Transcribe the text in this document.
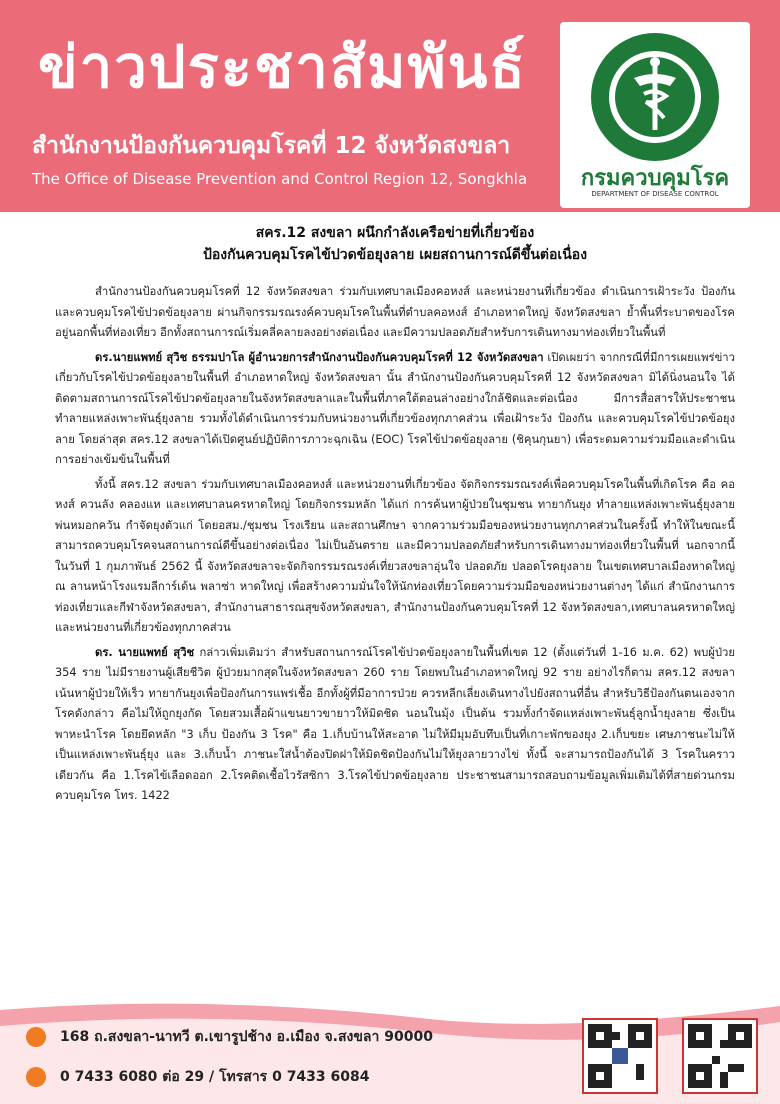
ข่าวประชาสัมพันธ์
สำนักงานป้องกันควบคุมโรคที่ 12 จังหวัดสงขลา
The Office of Disease Prevention and Control Region 12, Songkhla	กรมควบคุมโรค
DEPARTMENT OF DISEASE CONTROL
สคร.12 สงขลา ผนึกกำลังเครือข่ายที่เกี่ยวข้อง
ป้องกันควบคุมโรคไข้ปวดข้อยุงลาย เผยสถานการณ์ดีขึ้นต่อเนื่อง

สำนักงานป้องกันควบคุมโรคที่ 12 จังหวัดสงขลา ร่วมกับเทศบาลเมืองคอหงส์ และหน่วยงานที่เกี่ยวข้อง ดำเนินการเฝ้าระวัง ป้องกัน และควบคุมโรคไข้ปวดข้อยุงลาย ผ่านกิจกรรมรณรงค์ควบคุมโรคในพื้นที่ตำบลคอหงส์ อำเภอหาดใหญ่ จังหวัดสงขลา ย้ำพื้นที่ระบาดของโรคอยู่นอกพื้นที่ท่องเที่ยว อีกทั้งสถานการณ์เริ่มคลี่คลายลงอย่างต่อเนื่อง และมีความปลอดภัยสำหรับการเดินทางมาท่องเที่ยวในพื้นที่

ดร.นายแพทย์ สุวิช ธรรมปาโล ผู้อำนวยการสำนักงานป้องกันควบคุมโรคที่ 12 จังหวัดสงขลา เปิดเผยว่า จากกรณีที่มีการเผยแพร่ข่าวเกี่ยวกับโรคไข้ปวดข้อยุงลายในพื้นที่ อำเภอหาดใหญ่ จังหวัดสงขลา นั้น สำนักงานป้องกันควบคุมโรคที่ 12 จังหวัดสงขลา มิได้นิ่งนอนใจ ได้ติดตามสถานการณ์โรคไข้ปวดข้อยุงลายในจังหวัดสงขลาและในพื้นที่ภาคใต้ตอนล่างอย่างใกล้ชิดและต่อเนื่อง มีการสื่อสารให้ประชาชนทำลายแหล่งเพาะพันธุ์ยุงลาย รวมทั้งได้ดำเนินการร่วมกับหน่วยงานที่เกี่ยวข้องทุกภาคส่วน เพื่อเฝ้าระวัง ป้องกัน และควบคุมโรคไข้ปวดข้อยุงลาย โดยล่าสุด สคร.12 สงขลาได้เปิดศูนย์ปฏิบัติการภาวะฉุกเฉิน (EOC) โรคไข้ปวดข้อยุงลาย (ชิคุนกุนยา) เพื่อระดมความร่วมมือและดำเนินการอย่างเข้มข้นในพื้นที่

ทั้งนี้ สคร.12 สงขลา ร่วมกับเทศบาลเมืองคอหงส์ และหน่วยงานที่เกี่ยวข้อง จัดกิจกรรมรณรงค์เพื่อควบคุมโรคในพื้นที่เกิดโรค คือ คอหงส์ ควนลัง คลองแห และเทศบาลนครหาดใหญ่ โดยกิจกรรมหลัก ได้แก่ การค้นหาผู้ป่วยในชุมชน ทายากันยุง ทำลายแหล่งเพาะพันธุ์ยุงลาย พ่นหมอกควัน กำจัดยุงตัวแก่ โดยอสม./ชุมชน โรงเรียน และสถานศึกษา จากความร่วมมือของหน่วยงานทุกภาคส่วนในครั้งนี้ ทำให้ในขณะนี้สามารถควบคุมโรคจนสถานการณ์ดีขึ้นอย่างต่อเนื่อง ไม่เป็นอันตราย และมีความปลอดภัยสำหรับการเดินทางมาท่องเที่ยวในพื้นที่ นอกจากนี้ในวันที่ 1 กุมภาพันธ์ 2562 นี้ จังหวัดสงขลาจะจัดกิจกรรมรณรงค์เที่ยวสงขลาอุ่นใจ ปลอดภัย ปลอดโรคยุงลาย ในเขตเทศบาลเมืองหาดใหญ่ ณ ลานหน้าโรงแรมลีการ์เด้น พลาซ่า หาดใหญ่ เพื่อสร้างความมั่นใจให้นักท่องเที่ยวโดยความร่วมมือของหน่วยงานต่างๆ ได้แก่ สำนักงานการท่องเที่ยวและกีฬาจังหวัดสงขลา, สำนักงานสาธารณสุขจังหวัดสงขลา, สำนักงานป้องกันควบคุมโรคที่ 12 จังหวัดสงขลา,เทศบาลนครหาดใหญ่ และหน่วยงานที่เกี่ยวข้องทุกภาคส่วน

ดร. นายแพทย์ สุวิช กล่าวเพิ่มเติมว่า สำหรับสถานการณ์โรคไข้ปวดข้อยุงลายในพื้นที่เขต 12 (ตั้งแต่วันที่ 1-16 ม.ค. 62) พบผู้ป่วย 354 ราย ไม่มีรายงานผู้เสียชีวิต ผู้ป่วยมากสุดในจังหวัดสงขลา 260 ราย โดยพบในอำเภอหาดใหญ่ 92 ราย อย่างไรก็ตาม สคร.12 สงขลา เน้นหาผู้ป่วยให้เร็ว ทายากันยุงเพื่อป้องกันการแพร่เชื้อ อีกทั้งผู้ที่มีอาการป่วย ควรหลีกเลี่ยงเดินทางไปยังสถานที่อื่น สำหรับวิธีป้องกันตนเองจากโรคดังกล่าว คือไม่ให้ถูกยุงกัด โดยสวมเสื้อผ้าแขนยาวขายาวให้มิดชิด นอนในมุ้ง เป็นต้น รวมทั้งกำจัดแหล่งเพาะพันธุ์ลูกน้ำยุงลาย ซึ่งเป็นพาหะนำโรค โดยยึดหลัก "3 เก็บ ป้องกัน 3 โรค" คือ 1.เก็บบ้านให้สะอาด ไม่ให้มีมุมอับทึบเป็นที่เกาะพักของยุง 2.เก็บขยะ เศษภาชนะไม่ให้เป็นแหล่งเพาะพันธุ์ยุง และ 3.เก็บน้ำ ภาชนะใส่น้ำต้องปิดฝาให้มิดชิดป้องกันไม่ให้ยุงลายวางไข่ ทั้งนี้ จะสามารถป้องกันได้ 3 โรคในคราวเดียวกัน คือ 1.โรคไข้เลือดออก 2.โรคติดเชื้อไวรัสซิกา 3.โรคไข้ปวดข้อยุงลาย ประชาชนสามารถสอบถามข้อมูลเพิ่มเติมได้ที่สายด่วนกรมควบคุมโรค โทร. 1422

168 ถ.สงขลา-นาทวี ต.เขารูปช้าง อ.เมือง จ.สงขลา 90000
0 7433 6080 ต่อ 29 / โทรสาร 0 7433 6084
